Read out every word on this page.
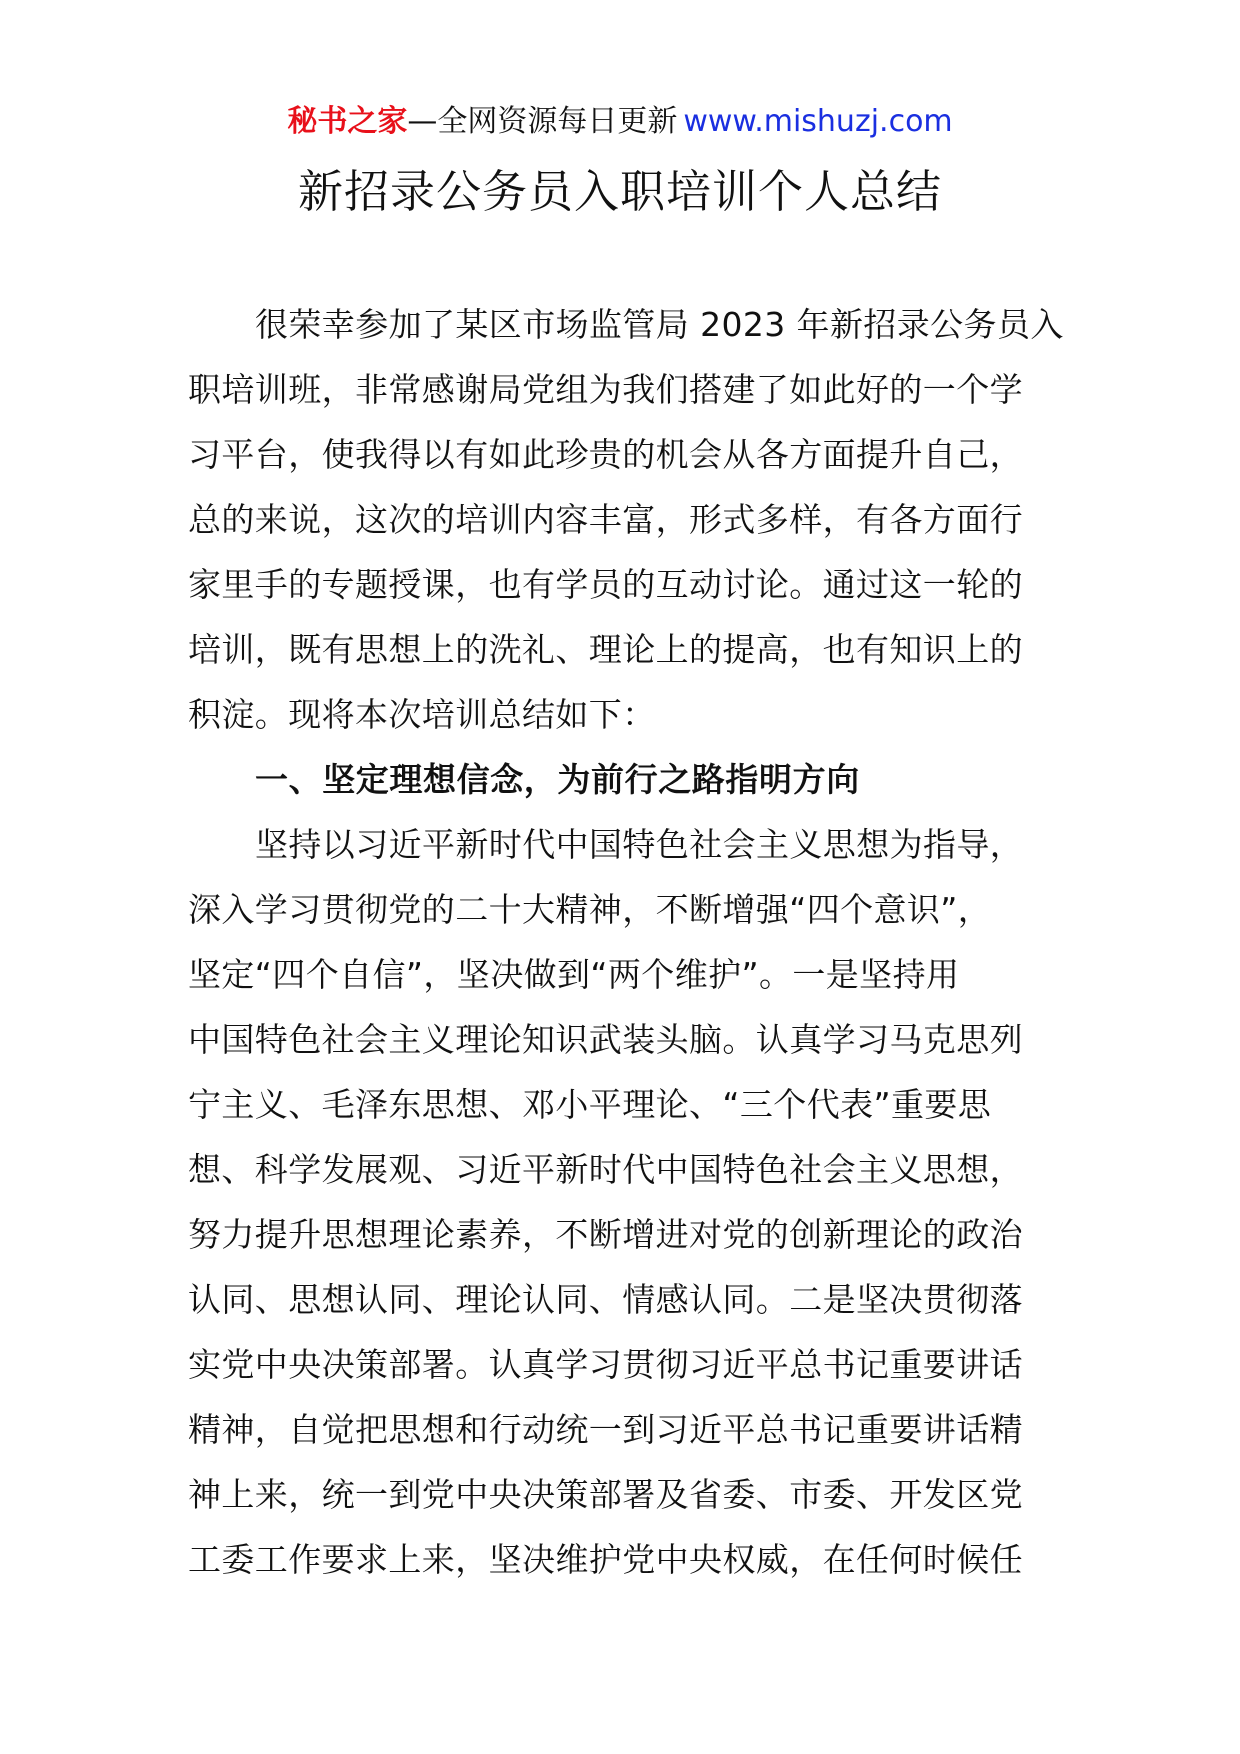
秘书之家—全网资源每日更新 www.mishuzj.com
新招录公务员入职培训个人总结
很荣幸参加了某区市场监管局 2023 年新招录公务员入
职培训班，非常感谢局党组为我们搭建了如此好的一个学
习平台，使我得以有如此珍贵的机会从各方面提升自己，
总的来说，这次的培训内容丰富，形式多样，有各方面行
家里手的专题授课，也有学员的互动讨论。通过这一轮的
培训，既有思想上的洗礼、理论上的提高，也有知识上的
积淀。现将本次培训总结如下：
一、坚定理想信念，为前行之路指明方向
坚持以习近平新时代中国特色社会主义思想为指导，
深入学习贯彻党的二十大精神，不断增强“四个意识”，
坚定“四个自信”，坚决做到“两个维护”。一是坚持用
中国特色社会主义理论知识武装头脑。认真学习马克思列
宁主义、毛泽东思想、邓小平理论、“三个代表”重要思
想、科学发展观、习近平新时代中国特色社会主义思想，
努力提升思想理论素养，不断增进对党的创新理论的政治
认同、思想认同、理论认同、情感认同。二是坚决贯彻落
实党中央决策部署。认真学习贯彻习近平总书记重要讲话
精神，自觉把思想和行动统一到习近平总书记重要讲话精
神上来，统一到党中央决策部署及省委、市委、开发区党
工委工作要求上来，坚决维护党中央权威，在任何时候任
